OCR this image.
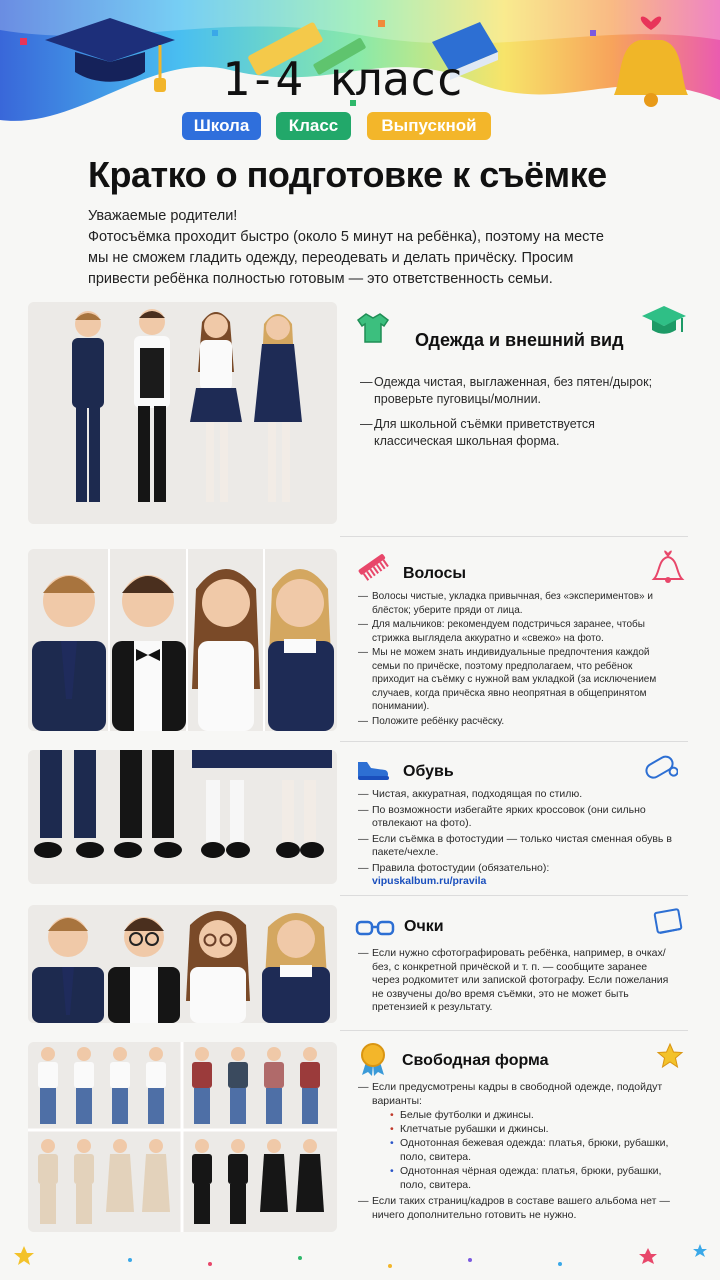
1-4 класс
Школа	Класс	Выпускной
Кратко о подготовке к съёмке
Уважаемые родители!
Фотосъёмка проходит быстро (около 5 минут на ребёнка), поэтому на месте мы не сможем гладить одежду, переодевать и делать причёску. Просим привести ребёнка полностью готовым — это ответственность семьи.
Одежда и внешний вид
— Одежда чистая, выглаженная, без пятен/дырок; проверьте пуговицы/молнии.
— Для школьной съёмки приветствуется классическая школьная форма.
Волосы
— Волосы чистые, укладка привычная, без «экспериментов» и блёсток; уберите пряди от лица.
— Для мальчиков: рекомендуем подстричься заранее, чтобы стрижка выглядела аккуратно и «свежо» на фото.
— Мы не можем знать индивидуальные предпочтения каждой семьи по причёске, поэтому предполагаем, что ребёнок приходит на съёмку с нужной вам укладкой (за исключением случаев, когда причёска явно неопрятная в общепринятом понимании).
— Положите ребёнку расчёску.
Обувь
— Чистая, аккуратная, подходящая по стилю.
— По возможности избегайте ярких кроссовок (они сильно отвлекают на фото).
— Если съёмка в фотостудии — только чистая сменная обувь в пакете/чехле.
— Правила фотостудии (обязательно):
vipuskalbum.ru/pravila
Очки
— Если нужно сфотографировать ребёнка, например, в очках/без, с конкретной причёской и т. п. — сообщите заранее через родкомитет или запиской фотографу. Если пожелания не озвучены до/во время съёмки, это не может быть претензией к результату.
Свободная форма
— Если предусмотрены кадры в свободной одежде, подойдут варианты:
• Белые футболки и джинсы.
• Клетчатые рубашки и джинсы.
• Однотонная бежевая одежда: платья, брюки, рубашки, поло, свитера.
• Однотонная чёрная одежда: платья, брюки, рубашки, поло, свитера.
— Если таких страниц/кадров в составе вашего альбома нет — ничего дополнительно готовить не нужно.
